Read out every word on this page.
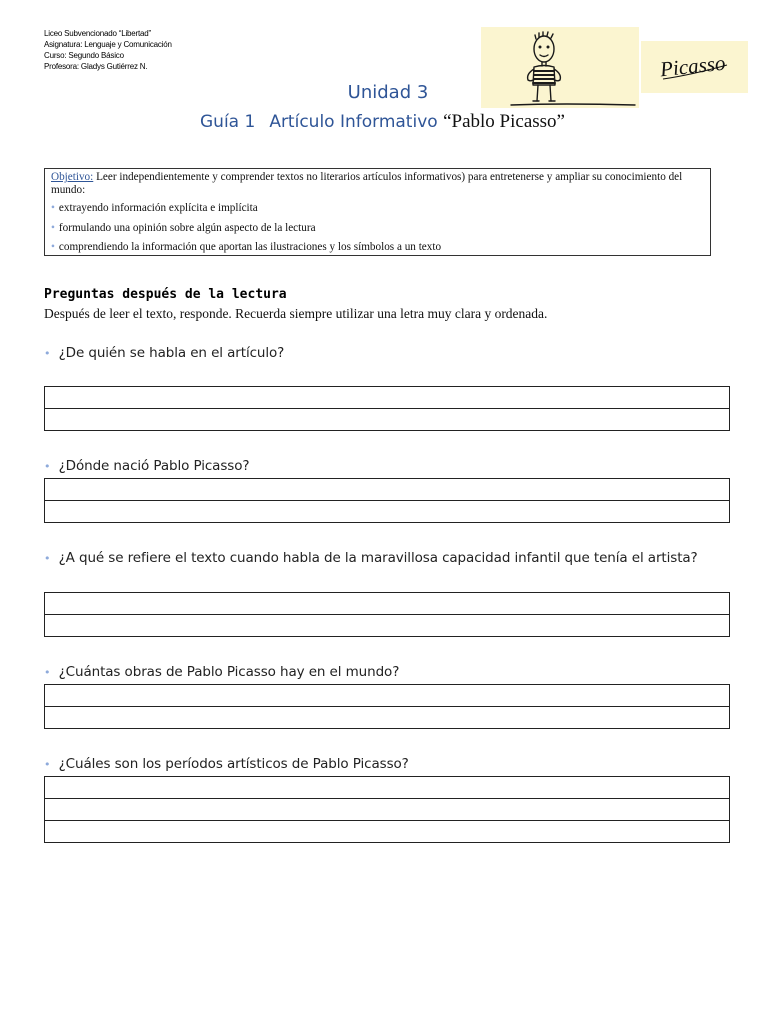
Liceo Subvencionado “Libertad”
Asignatura: Lenguaje y Comunicación
Curso: Segundo Básico
Profesora: Gladys Gutiérrez N.	Picasso
Unidad 3
Guía 1 Artículo Informativo “Pablo Picasso”
Objetivo: Leer independientemente y comprender textos no literarios artículos informativos) para entretenerse y ampliar su conocimiento del mundo:
• extrayendo información explícita e implícita
• formulando una opinión sobre algún aspecto de la lectura
• comprendiendo la información que aportan las ilustraciones y los símbolos a un texto
Preguntas después de la lectura
Después de leer el texto, responde. Recuerda siempre utilizar una letra muy clara y ordenada.
• ¿De quién se habla en el artículo?

• ¿Dónde nació Pablo Picasso?

• ¿A qué se refiere el texto cuando habla de la maravillosa capacidad infantil que tenía el artista?

• ¿Cuántas obras de Pablo Picasso hay en el mundo?

• ¿Cuáles son los períodos artísticos de Pablo Picasso?
